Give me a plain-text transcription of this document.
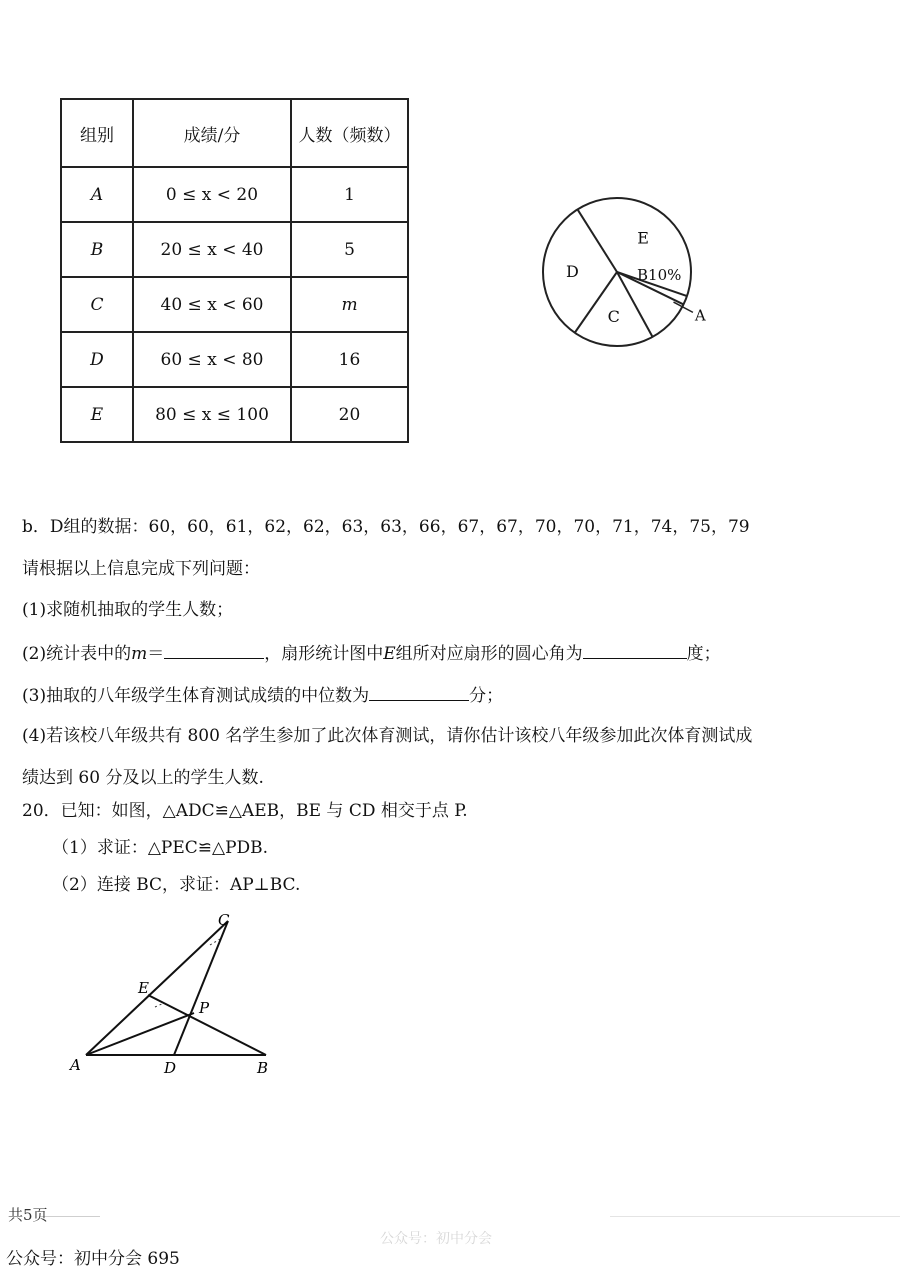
组别	成绩/分	人数（频数）
A	0 ≤ x < 20	1
B	20 ≤ x < 40	5
C	40 ≤ x < 60	m
D	60 ≤ x < 80	16
E	80 ≤ x ≤ 100	20
A
E
D
C
B10%
b．D组的数据：60，60，61，62，62，63，63，66，67，67，70，70，71，74，75，79
请根据以上信息完成下列问题：
(1)求随机抽取的学生人数；
(2)统计表中的m＝	，扇形统计图中E组所对应扇形的圆心角为	度；
(3)抽取的八年级学生体育测试成绩的中位数为	分；
(4)若该校八年级共有 800 名学生参加了此次体育测试，请你估计该校八年级参加此次体育测试成
绩达到 60 分及以上的学生人数.
20．已知：如图，△ADC≌△AEB，BE 与 CD 相交于点 P.
（1）求证：△PEC≌△PDB.
（2）连接 BC，求证：AP⊥BC.
C
E
P
A	D	B
共5页
公众号：初中分会
公众号：初中分会 695
